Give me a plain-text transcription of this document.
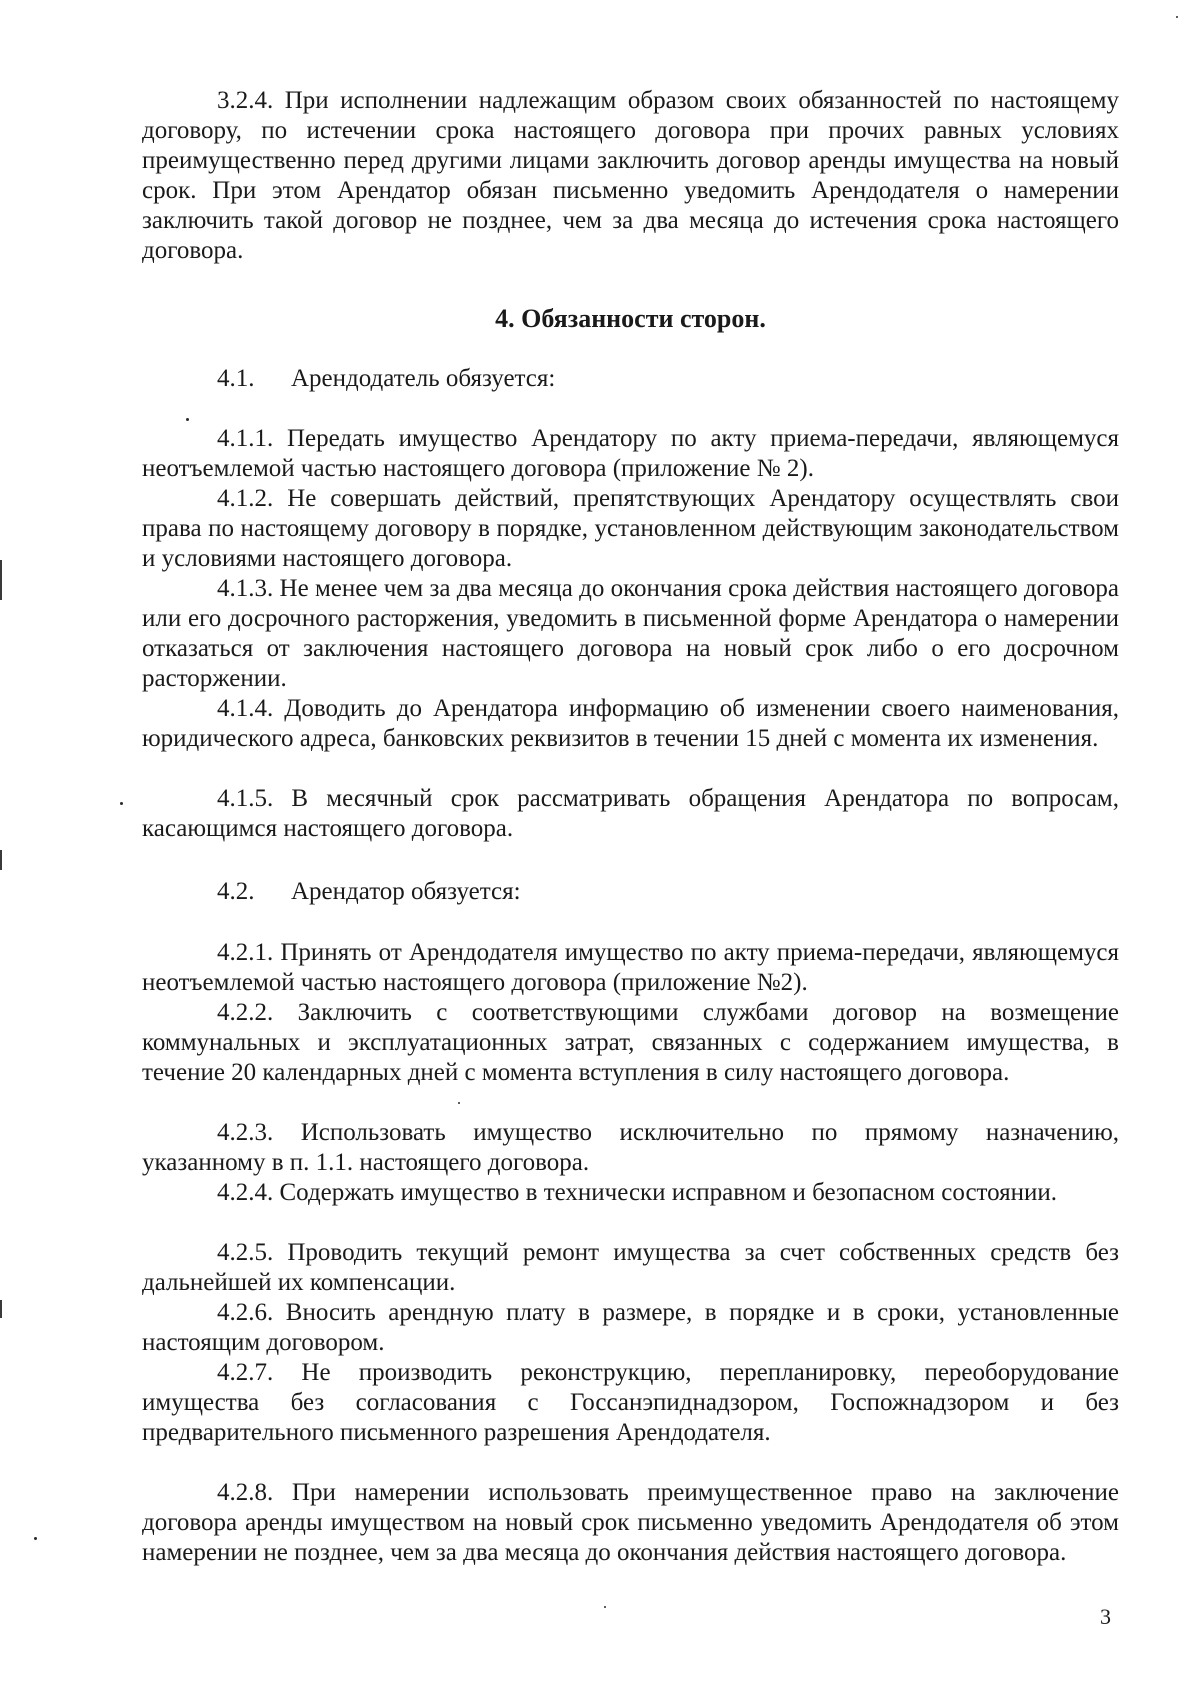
3.2.4. При исполнении надлежащим образом своих обязанностей по настоящему договору, по истечении срока настоящего договора при прочих равных условиях преимущественно перед другими лицами заключить договор аренды имущества на новый срок. При этом Арендатор обязан письменно уведомить Арендодателя о намерении заключить такой договор не позднее, чем за два месяца до истечения срока настоящего договора.
4. Обязанности сторон.
4.1. Арендодатель обязуется:
4.1.1. Передать имущество Арендатору по акту приема-передачи, являющемуся неотъемлемой частью настоящего договора (приложение № 2).
4.1.2. Не совершать действий, препятствующих Арендатору осуществлять свои права по настоящему договору в порядке, установленном действующим законодательством и условиями настоящего договора.
4.1.3. Не менее чем за два месяца до окончания срока действия настоящего договора или его досрочного расторжения, уведомить в письменной форме Арендатора о намерении отказаться от заключения настоящего договора на новый срок либо о его досрочном расторжении.
4.1.4. Доводить до Арендатора информацию об изменении своего наименования, юридического адреса, банковских реквизитов в течении 15 дней с момента их изменения.
4.1.5. В месячный срок рассматривать обращения Арендатора по вопросам, касающимся настоящего договора.
4.2. Арендатор обязуется:
4.2.1. Принять от Арендодателя имущество по акту приема-передачи, являющемуся неотъемлемой частью настоящего договора (приложение №2).
4.2.2. Заключить с соответствующими службами договор на возмещение коммунальных и эксплуатационных затрат, связанных с содержанием имущества, в течение 20 календарных дней с момента вступления в силу настоящего договора.
4.2.3. Использовать имущество исключительно по прямому назначению, указанному в п. 1.1. настоящего договора.
4.2.4. Содержать имущество в технически исправном и безопасном состоянии.
4.2.5. Проводить текущий ремонт имущества за счет собственных средств без дальнейшей их компенсации.
4.2.6. Вносить арендную плату в размере, в порядке и в сроки, установленные настоящим договором.
4.2.7. Не производить реконструкцию, перепланировку, переоборудование имущества без согласования с Госсанэпиднадзором, Госпожнадзором и без предварительного письменного разрешения Арендодателя.
4.2.8. При намерении использовать преимущественное право на заключение договора аренды имуществом на новый срок письменно уведомить Арендодателя об этом намерении не позднее, чем за два месяца до окончания действия настоящего договора.
3
